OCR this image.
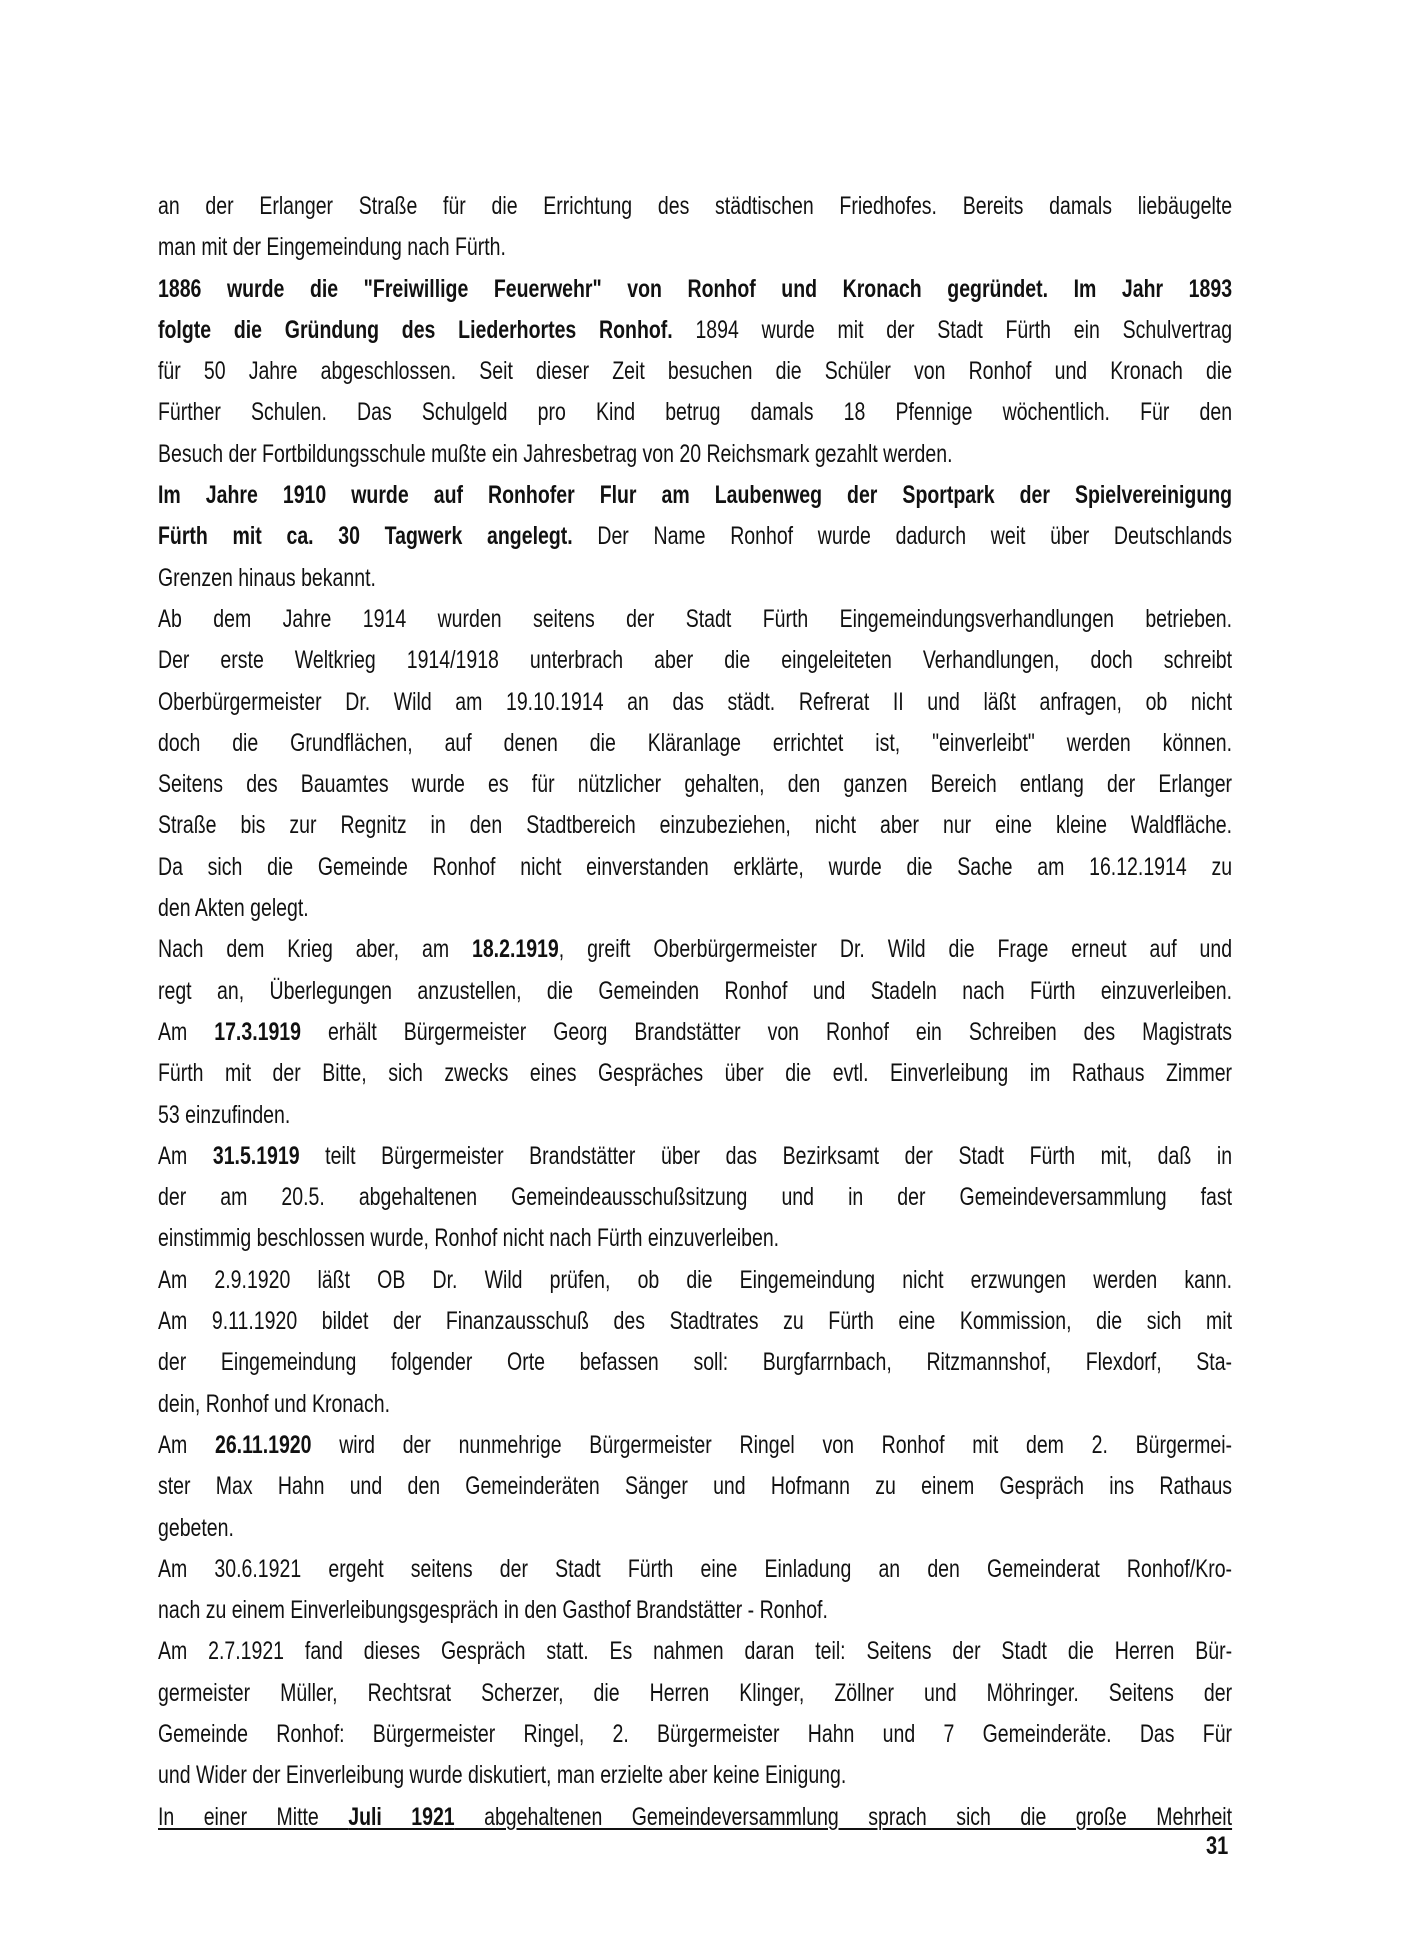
an der Erlanger Straße für die Errichtung des städtischen Friedhofes. Bereits damals liebäugelte
man mit der Eingemeindung nach Fürth.
1886 wurde die "Freiwillige Feuerwehr" von Ronhof und Kronach gegründet. Im Jahr 1893
folgte die Gründung des Liederhortes Ronhof. 1894 wurde mit der Stadt Fürth ein Schulvertrag
für 50 Jahre abgeschlossen. Seit dieser Zeit besuchen die Schüler von Ronhof und Kronach die
Fürther Schulen. Das Schulgeld pro Kind betrug damals 18 Pfennige wöchentlich. Für den
Besuch der Fortbildungsschule mußte ein Jahresbetrag von 20 Reichsmark gezahlt werden.
Im Jahre 1910 wurde auf Ronhofer Flur am Laubenweg der Sportpark der Spielvereinigung
Fürth mit ca. 30 Tagwerk angelegt. Der Name Ronhof wurde dadurch weit über Deutschlands
Grenzen hinaus bekannt.
Ab dem Jahre 1914 wurden seitens der Stadt Fürth Eingemeindungsverhandlungen betrieben.
Der erste Weltkrieg 1914/1918 unterbrach aber die eingeleiteten Verhandlungen, doch schreibt
Oberbürgermeister Dr. Wild am 19.10.1914 an das städt. Refrerat II und läßt anfragen, ob nicht
doch die Grundflächen, auf denen die Kläranlage errichtet ist, "einverleibt" werden können.
Seitens des Bauamtes wurde es für nützlicher gehalten, den ganzen Bereich entlang der Erlanger
Straße bis zur Regnitz in den Stadtbereich einzubeziehen, nicht aber nur eine kleine Waldfläche.
Da sich die Gemeinde Ronhof nicht einverstanden erklärte, wurde die Sache am 16.12.1914 zu
den Akten gelegt.
Nach dem Krieg aber, am 18.2.1919, greift Oberbürgermeister Dr. Wild die Frage erneut auf und
regt an, Überlegungen anzustellen, die Gemeinden Ronhof und Stadeln nach Fürth einzuverleiben.
Am 17.3.1919 erhält Bürgermeister Georg Brandstätter von Ronhof ein Schreiben des Magistrats
Fürth mit der Bitte, sich zwecks eines Gespräches über die evtl. Einverleibung im Rathaus Zimmer
53 einzufinden.
Am 31.5.1919 teilt Bürgermeister Brandstätter über das Bezirksamt der Stadt Fürth mit, daß in
der am 20.5. abgehaltenen Gemeindeausschußsitzung und in der Gemeindeversammlung fast
einstimmig beschlossen wurde, Ronhof nicht nach Fürth einzuverleiben.
Am 2.9.1920 läßt OB Dr. Wild prüfen, ob die Eingemeindung nicht erzwungen werden kann.
Am 9.11.1920 bildet der Finanzausschuß des Stadtrates zu Fürth eine Kommission, die sich mit
der Eingemeindung folgender Orte befassen soll: Burgfarrnbach, Ritzmannshof, Flexdorf, Sta-
dein, Ronhof und Kronach.
Am 26.11.1920 wird der nunmehrige Bürgermeister Ringel von Ronhof mit dem 2. Bürgermei-
ster Max Hahn und den Gemeinderäten Sänger und Hofmann zu einem Gespräch ins Rathaus
gebeten.
Am 30.6.1921 ergeht seitens der Stadt Fürth eine Einladung an den Gemeinderat Ronhof/Kro-
nach zu einem Einverleibungsgespräch in den Gasthof Brandstätter - Ronhof.
Am 2.7.1921 fand dieses Gespräch statt. Es nahmen daran teil: Seitens der Stadt die Herren Bür-
germeister Müller, Rechtsrat Scherzer, die Herren Klinger, Zöllner und Möhringer. Seitens der
Gemeinde Ronhof: Bürgermeister Ringel, 2. Bürgermeister Hahn und 7 Gemeinderäte. Das Für
und Wider der Einverleibung wurde diskutiert, man erzielte aber keine Einigung.
In einer Mitte Juli 1921 abgehaltenen Gemeindeversammlung sprach sich die große Mehrheit
31
